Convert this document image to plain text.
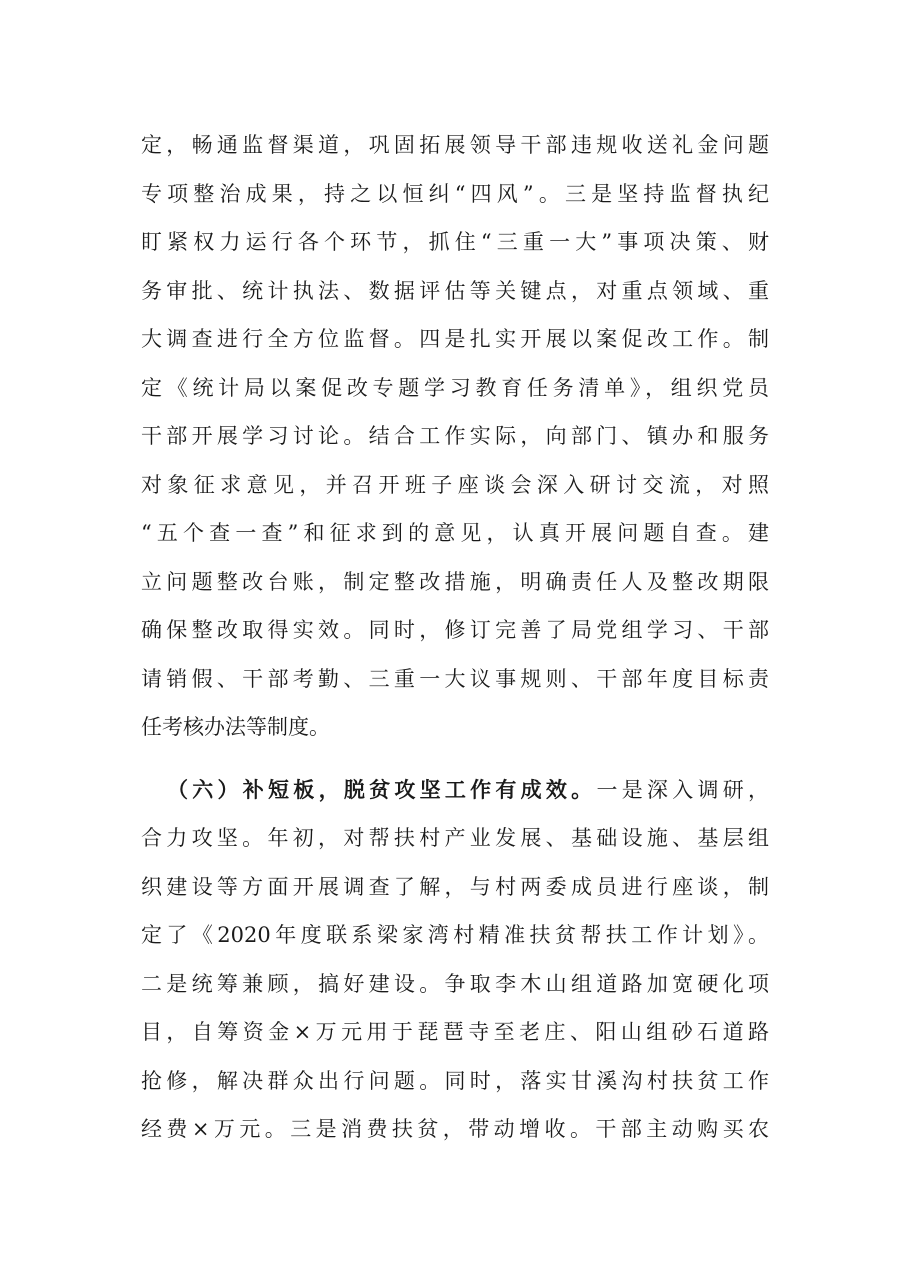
定，畅通监督渠道，巩固拓展领导干部违规收送礼金问题
专项整治成果，持之以恒纠“四风”。三是坚持监督执纪
盯紧权力运行各个环节，抓住“三重一大”事项决策、财
务审批、统计执法、数据评估等关键点，对重点领域、重
大调查进行全方位监督。四是扎实开展以案促改工作。制
定《统计局以案促改专题学习教育任务清单》，组织党员
干部开展学习讨论。结合工作实际，向部门、镇办和服务
对象征求意见，并召开班子座谈会深入研讨交流，对照
“五个查一查”和征求到的意见，认真开展问题自查。建
立问题整改台账，制定整改措施，明确责任人及整改期限
确保整改取得实效。同时，修订完善了局党组学习、干部
请销假、干部考勤、三重一大议事规则、干部年度目标责
任考核办法等制度。
（六）补短板，脱贫攻坚工作有成效。一是深入调研，
合力攻坚。年初，对帮扶村产业发展、基础设施、基层组
织建设等方面开展调查了解，与村两委成员进行座谈，制
定了《2020年度联系梁家湾村精准扶贫帮扶工作计划》。
二是统筹兼顾，搞好建设。争取李木山组道路加宽硬化项
目，自筹资金×万元用于琵琶寺至老庄、阳山组砂石道路
抢修，解决群众出行问题。同时，落实甘溪沟村扶贫工作
经费×万元。三是消费扶贫，带动增收。干部主动购买农
